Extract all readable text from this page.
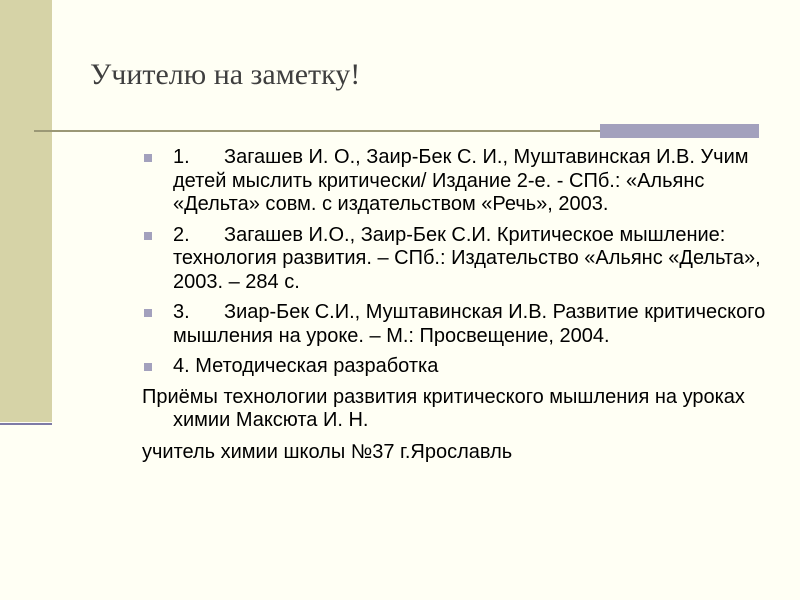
Учителю на заметку!
1. Загашев И. О., Заир-Бек С. И., Муштавинская И.В. Учим детей мыслить критически/ Издание 2-е. - СПб.: «Альянс «Дельта» совм. с издательством «Речь», 2003.
2. Загашев И.О., Заир-Бек С.И. Критическое мышление: технология развития. – СПб.: Издательство «Альянс «Дельта», 2003. – 284 с.
3. Зиар-Бек С.И., Муштавинская И.В. Развитие критического мышления на уроке. – М.: Просвещение, 2004.
4. Методическая разработка
Приёмы технологии развития критического мышления на уроках химии Максюта И. Н.
учитель химии школы №37 г.Ярославль
